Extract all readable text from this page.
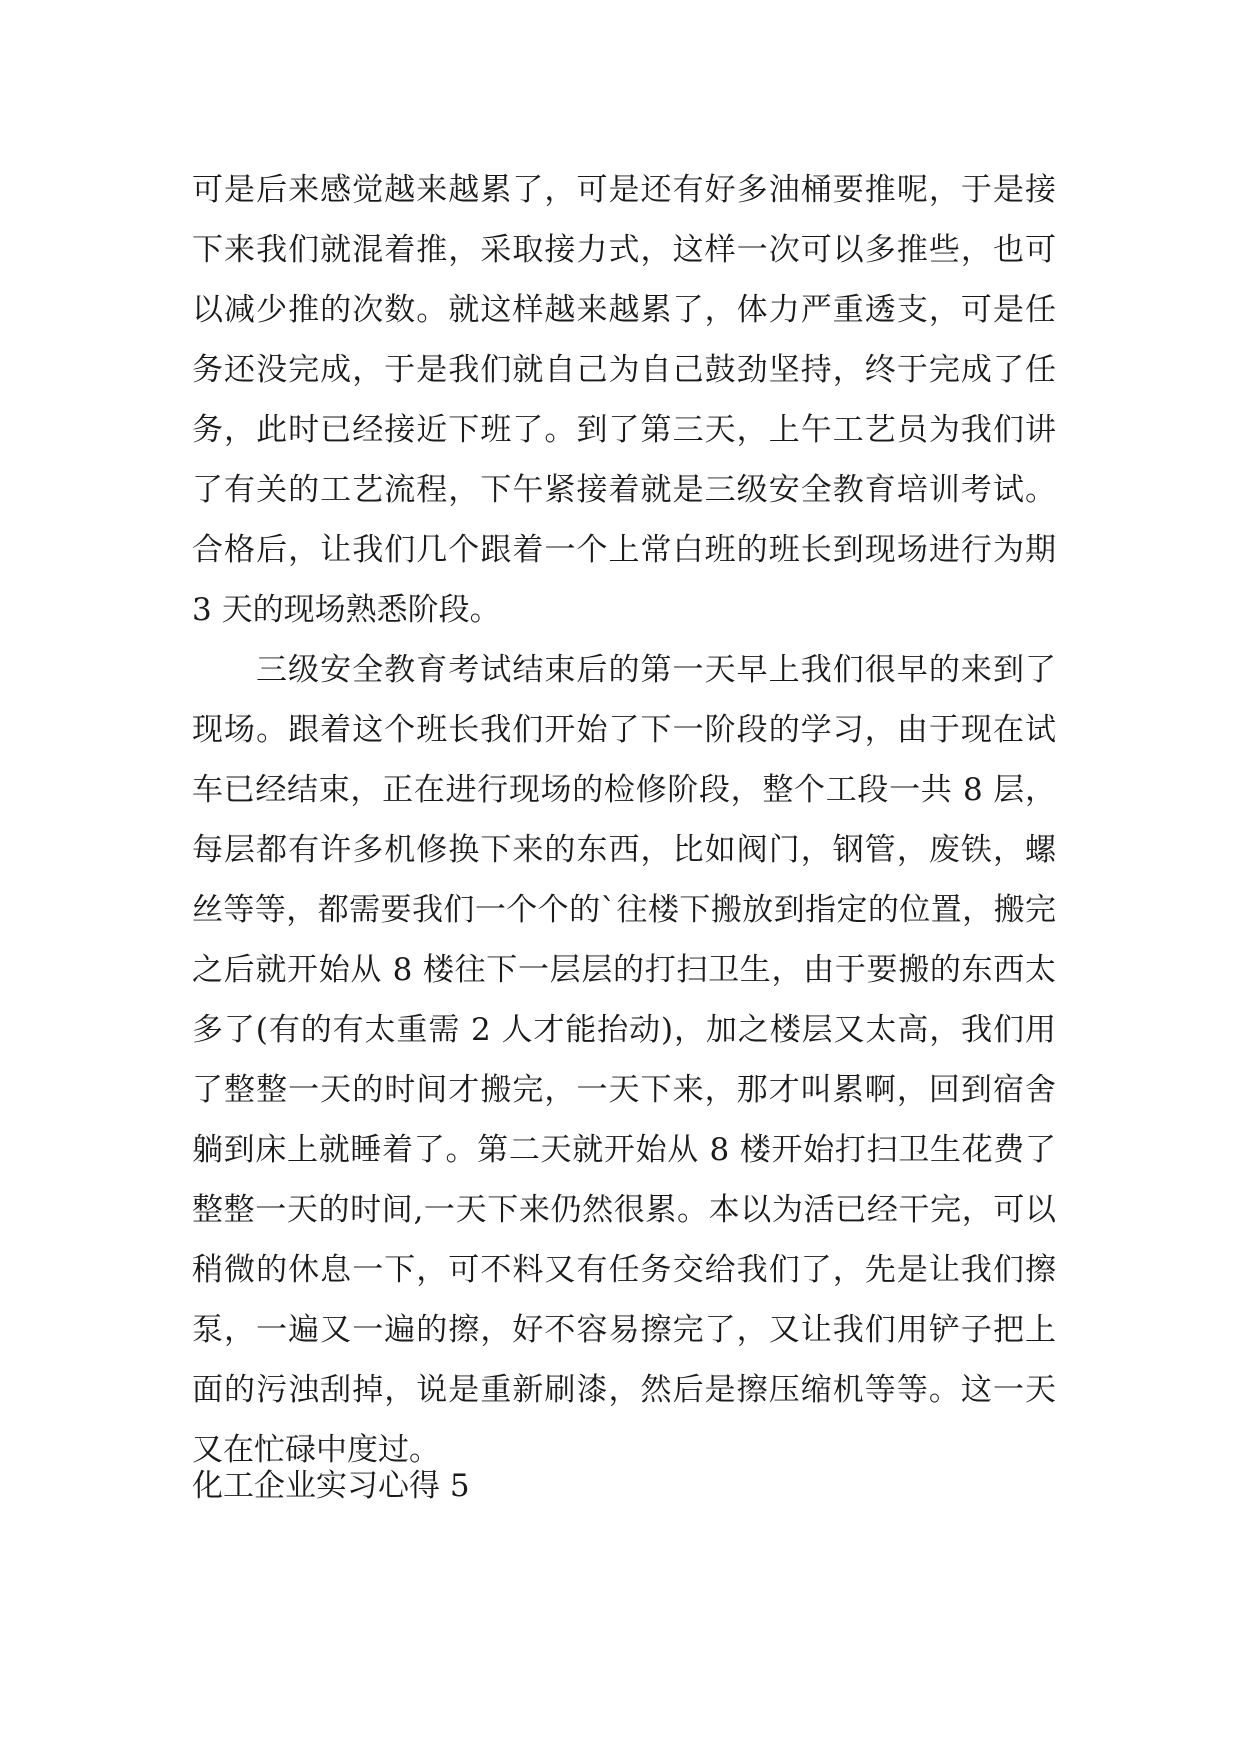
可是后来感觉越来越累了，可是还有好多油桶要推呢，于是接下来我们就混着推，采取接力式，这样一次可以多推些，也可以减少推的次数。就这样越来越累了，体力严重透支，可是任务还没完成，于是我们就自己为自己鼓劲坚持，终于完成了任务，此时已经接近下班了。到了第三天，上午工艺员为我们讲了有关的工艺流程，下午紧接着就是三级安全教育培训考试。合格后，让我们几个跟着一个上常白班的班长到现场进行为期 3 天的现场熟悉阶段。

三级安全教育考试结束后的第一天早上我们很早的来到了现场。跟着这个班长我们开始了下一阶段的学习，由于现在试车已经结束，正在进行现场的检修阶段，整个工段一共 8 层，每层都有许多机修换下来的东西，比如阀门，钢管，废铁，螺丝等等，都需要我们一个个的`往楼下搬放到指定的位置，搬完之后就开始从 8 楼往下一层层的打扫卫生，由于要搬的东西太多了(有的有太重需 2 人才能抬动)，加之楼层又太高，我们用了整整一天的时间才搬完，一天下来，那才叫累啊，回到宿舍躺到床上就睡着了。第二天就开始从 8 楼开始打扫卫生花费了整整一天的时间,一天下来仍然很累。本以为活已经干完，可以稍微的休息一下，可不料又有任务交给我们了，先是让我们擦泵，一遍又一遍的擦，好不容易擦完了，又让我们用铲子把上面的污浊刮掉，说是重新刷漆，然后是擦压缩机等等。这一天又在忙碌中度过。

化工企业实习心得 5
